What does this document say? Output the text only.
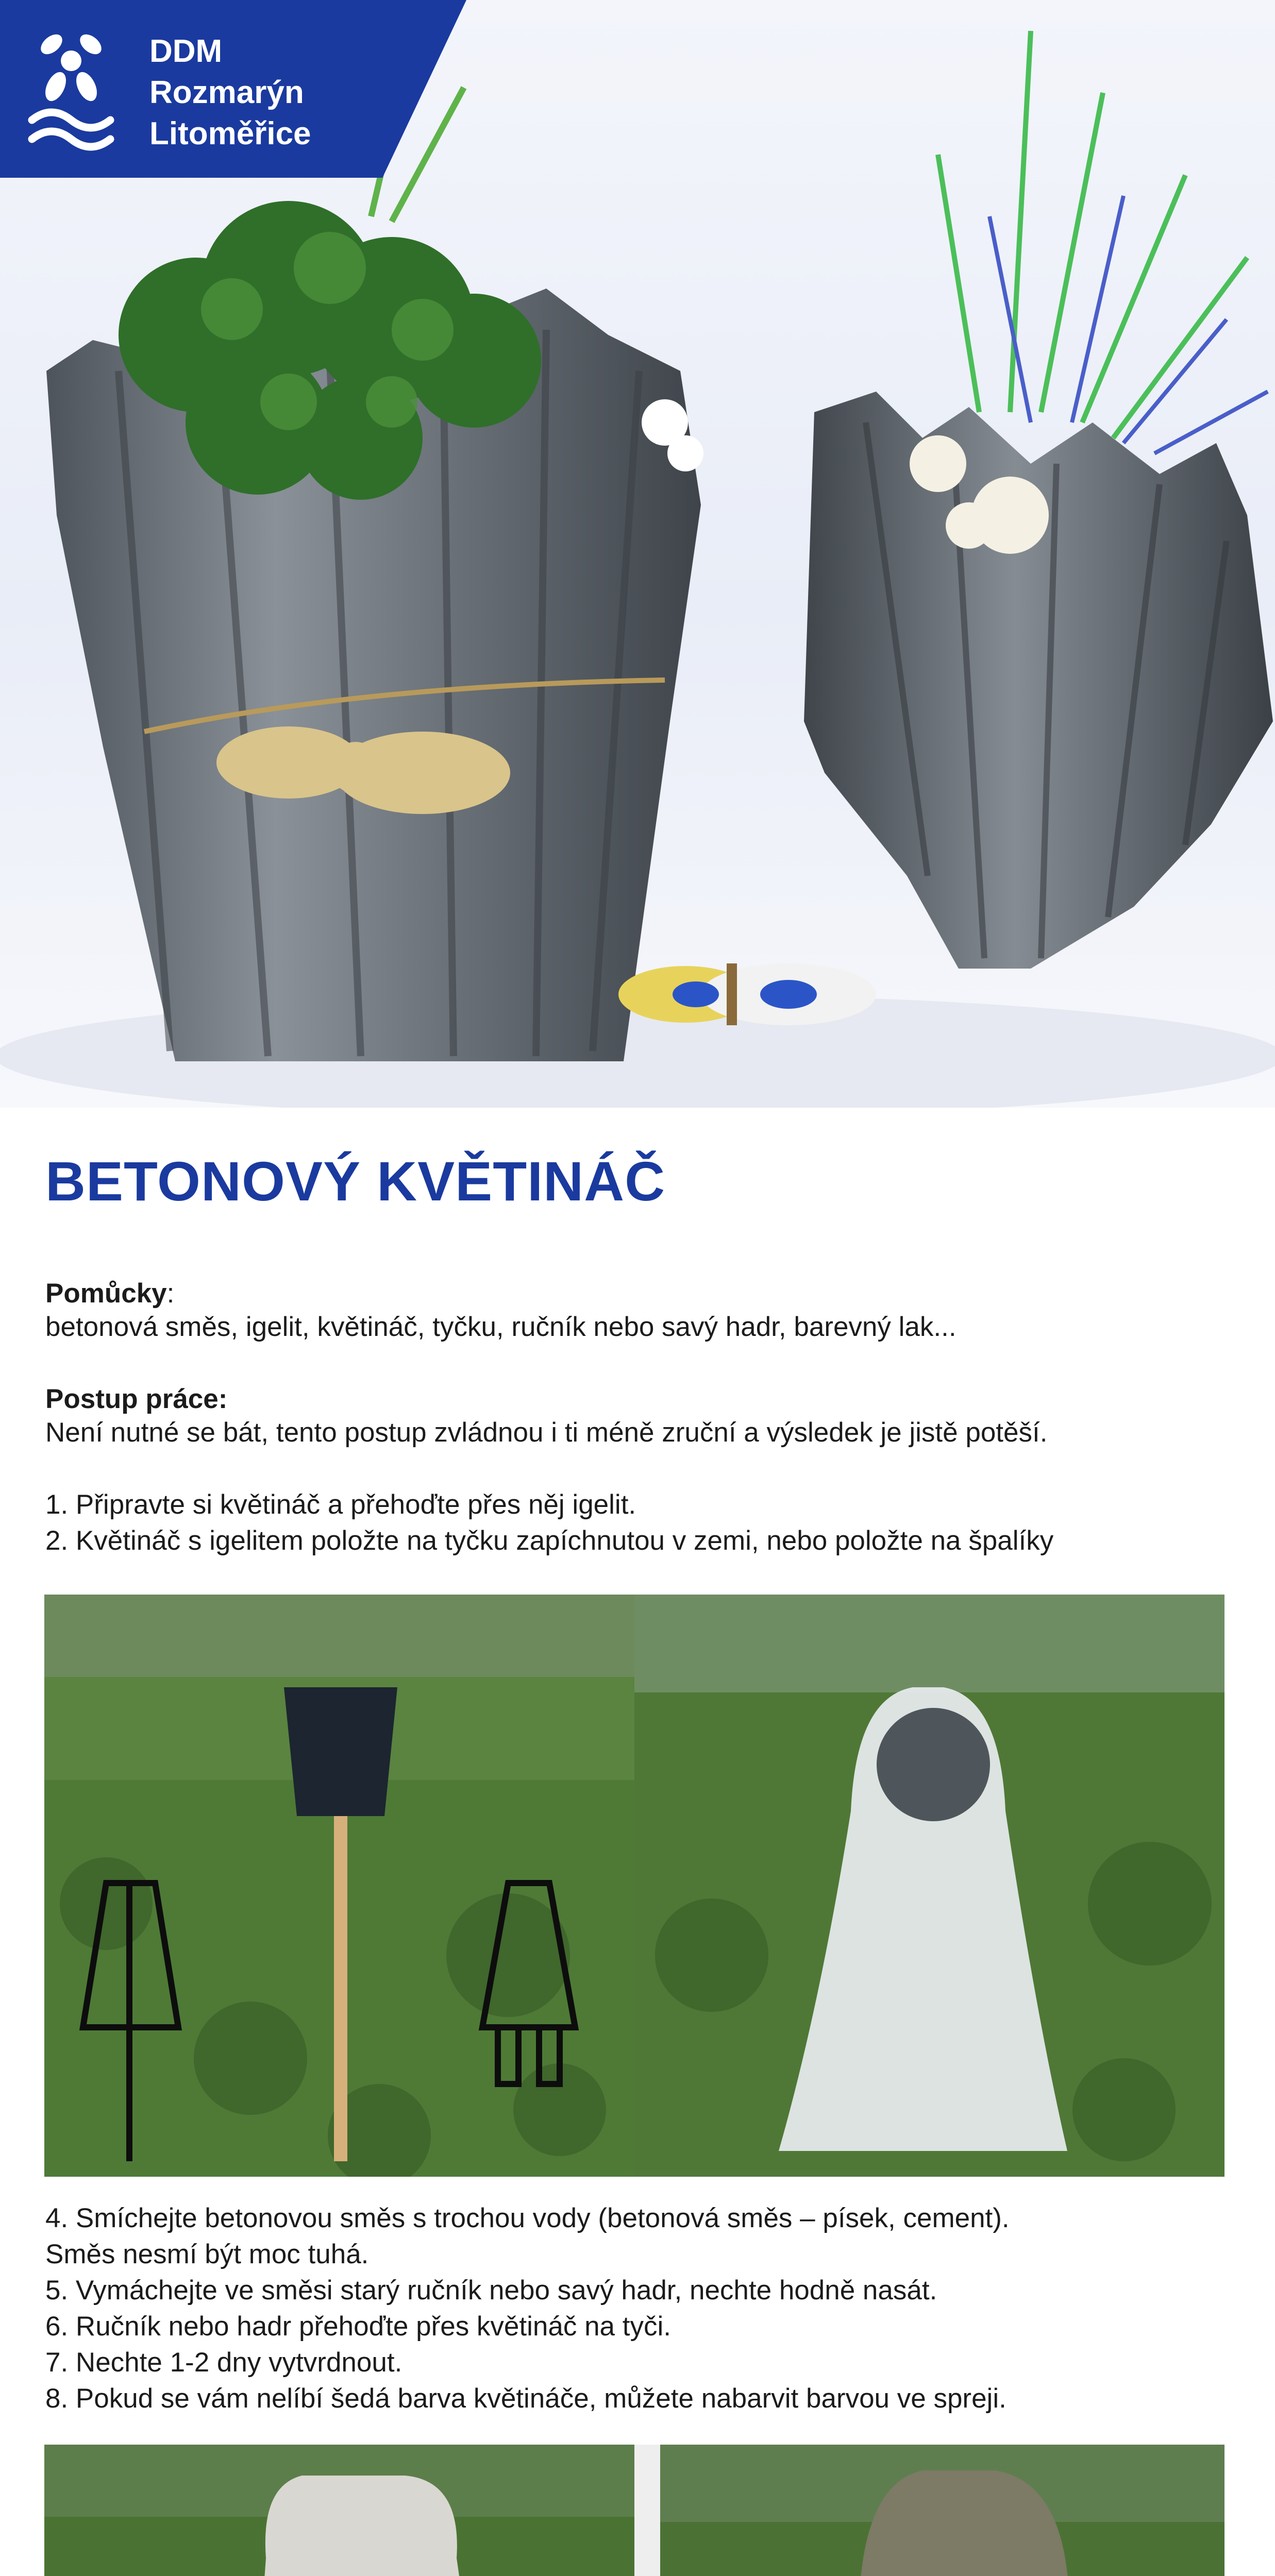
DDM
Rozmarýn
Litoměřice
BETONOVÝ KVĚTINÁČ
Pomůcky:
betonová směs, igelit, květináč, tyčku, ručník nebo savý hadr, barevný lak...
Postup práce:
Není nutné se bát, tento postup zvládnou i ti méně zruční a výsledek je jistě potěší.
1. Připravte si květináč a přehoďte přes něj igelit.
2. Květináč s igelitem položte na tyčku zapíchnutou v zemi, nebo položte na špalíky
4. Smíchejte betonovou směs s trochou vody (betonová směs – písek, cement).
Směs nesmí být moc tuhá.
5. Vymáchejte ve směsi starý ručník nebo savý hadr, nechte hodně nasát.
6. Ručník nebo hadr přehoďte přes květináč na tyči.
7. Nechte 1-2 dny vytvrdnout.
8. Pokud se vám nelíbí šedá barva květináče, můžete nabarvit barvou ve spreji.
